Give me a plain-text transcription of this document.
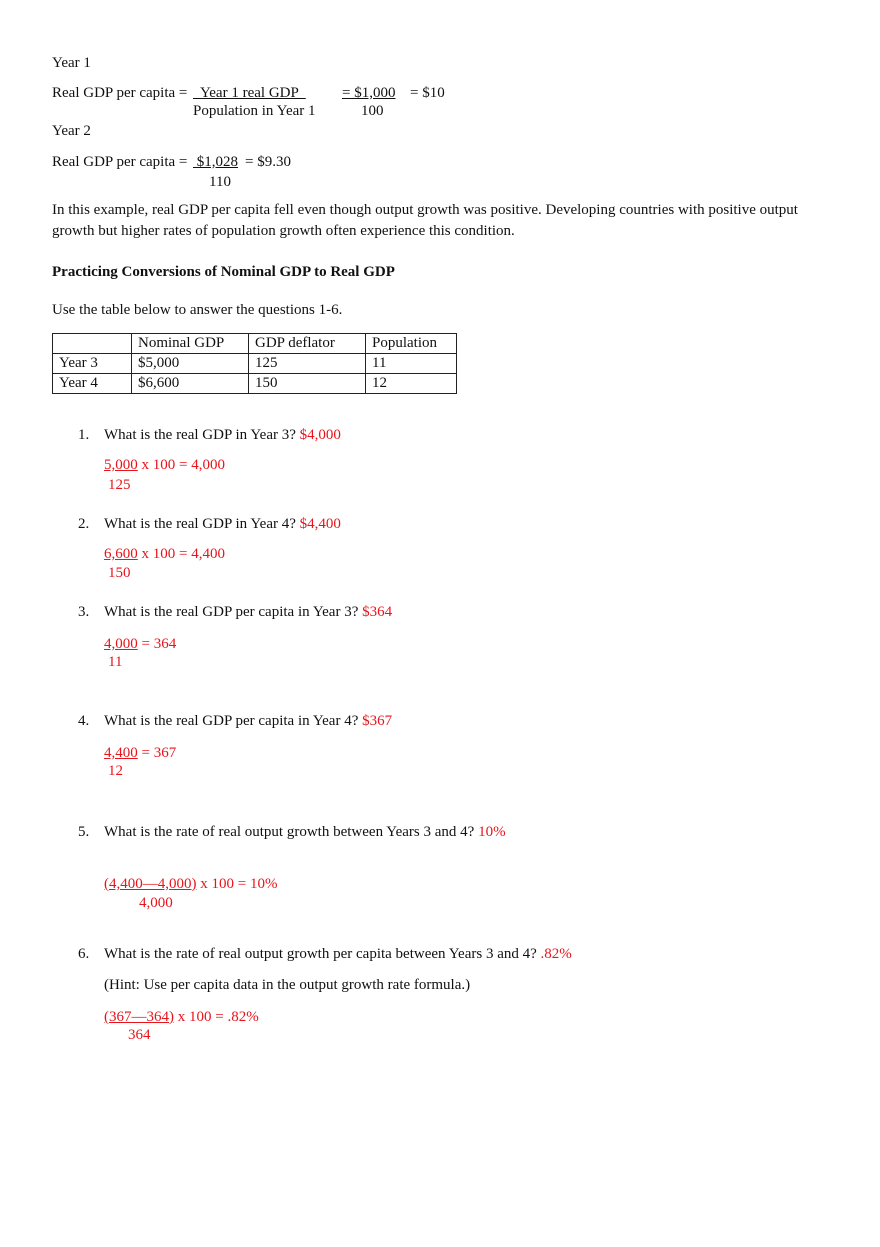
Year 1
Real GDP per capita = Year 1 real GDP
Population in Year 1
= $1,000
100
= $10
Year 2
Real GDP per capita = $1,028 = $9.30
110
In this example, real GDP per capita fell even though output growth was positive. Developing countries with positive output growth but higher rates of population growth often experience this condition.
Practicing Conversions of Nominal GDP to Real GDP
Use the table below to answer the questions 1-6.
	Nominal GDP	GDP deflator	Population
Year 3	$5,000	125	11
Year 4	$6,600	150	12
1. What is the real GDP in Year 3? $4,000
5,000 x 100 = 4,000
125
2. What is the real GDP in Year 4? $4,400
6,600 x 100 = 4,400
150
3. What is the real GDP per capita in Year 3? $364
4,000 = 364
11
4. What is the real GDP per capita in Year 4? $367
4,400 = 367
12
5. What is the rate of real output growth between Years 3 and 4? 10%
(4,400—4,000) x 100 = 10%
4,000
6. What is the rate of real output growth per capita between Years 3 and 4? .82%
(Hint: Use per capita data in the output growth rate formula.)
(367—364) x 100 = .82%
364
